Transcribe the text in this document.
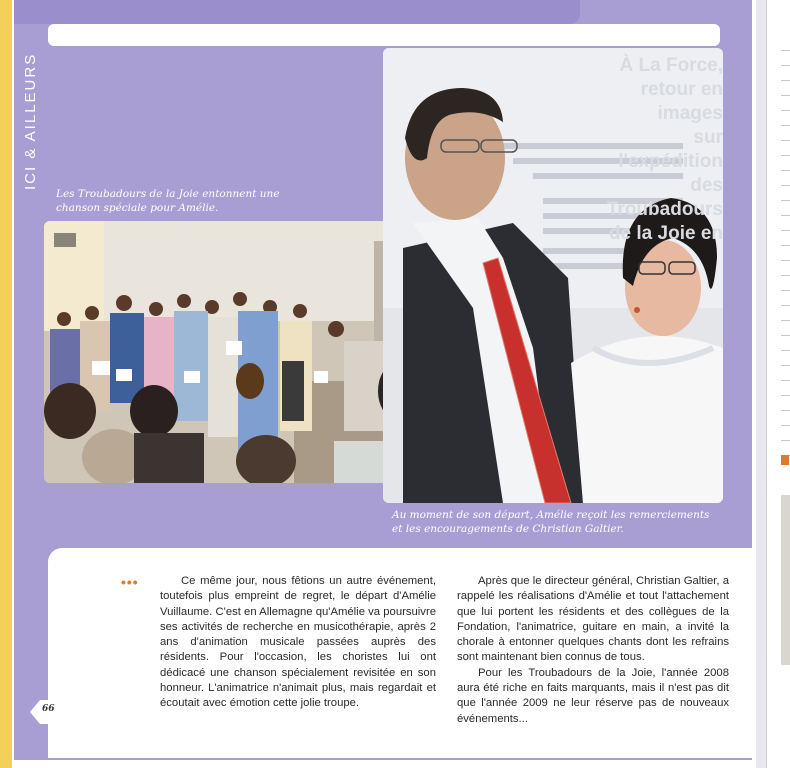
ICI & AILLEURS
Les Troubadours de la Joie entonnent une chanson spéciale pour Amélie.
À La Force, retour en images
sur l'expédition des Troubadours
de la Joie en
Au moment de son départ, Amélie reçoit les remerciements et les encouragements de Christian Galtier.
•••	Ce même jour, nous fêtions un autre événement, toutefois plus empreint de regret, le départ d'Amélie Vuillaume. C'est en Allemagne qu'Amélie va poursuivre ses activités de recherche en musicothérapie, après 2 ans d'animation musicale passées auprès des résidents. Pour l'occasion, les choristes lui ont dédicacé une chanson spécialement revisitée en son honneur. L'animatrice n'animait plus, mais regardait et écoutait avec émotion cette jolie troupe.

Après que le directeur général, Christian Galtier, a rappelé les réalisations d'Amélie et tout l'attachement que lui portent les résidents et des collègues de la Fondation, l'animatrice, guitare en main, a invité la chorale à entonner quelques chants dont les refrains sont maintenant bien connus de tous.

Pour les Troubadours de la Joie, l'année 2008 aura été riche en faits marquants, mais il n'est pas dit que l'année 2009 ne leur réserve pas de nouveaux événements...

66
